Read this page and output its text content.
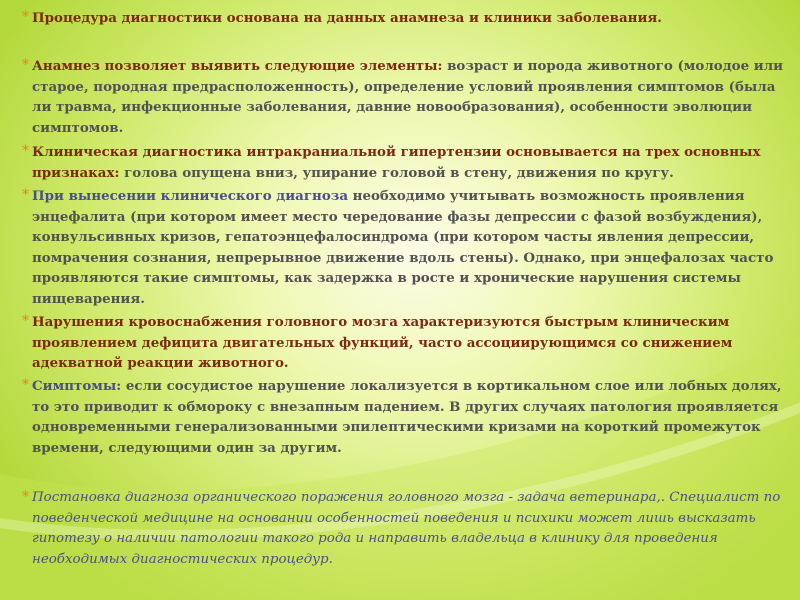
* Процедура диагностики основана на данных анамнеза и клиники заболевания.
* Анамнез позволяет выявить следующие элементы: возраст и порода животного (молодое или старое, породная предрасположенность), определение условий проявления симптомов (была ли травма, инфекционные заболевания, давние новообразования), особенности эволюции симптомов.
* Клиническая диагностика интракраниальной гипертензии основывается на трех основных признаках: голова опущена вниз, упирание головой в стену, движения по кругу.
* При вынесении клинического диагноза необходимо учитывать возможность проявления энцефалита (при котором имеет место чередование фазы депрессии с фазой возбуждения), конвульсивных кризов, гепатоэнцефалосиндрома (при котором часты явления депрессии, помрачения сознания, непрерывное движение вдоль стены). Однако, при энцефалозах часто проявляются такие симптомы, как задержка в росте и хронические нарушения системы пищеварения.
* Нарушения кровоснабжения головного мозга характеризуются быстрым клиническим проявлением дефицита двигательных функций, часто ассоциирующимся со снижением адекватной реакции животного.
* Симптомы: если сосудистое нарушение локализуется в кортикальном слое или лобных долях, то это приводит к обмороку с внезапным падением. В других случаях патология проявляется одновременными генерализованными эпилептическими кризами на короткий промежуток времени, следующими один за другим.
* Постановка диагноза органического поражения головного мозга - задача ветеринара,. Специалист по поведенческой медицине на основании особенностей поведения и психики может лишь высказать гипотезу о наличии патологии такого рода и направить владельца в клинику для проведения необходимых диагностических процедур.
